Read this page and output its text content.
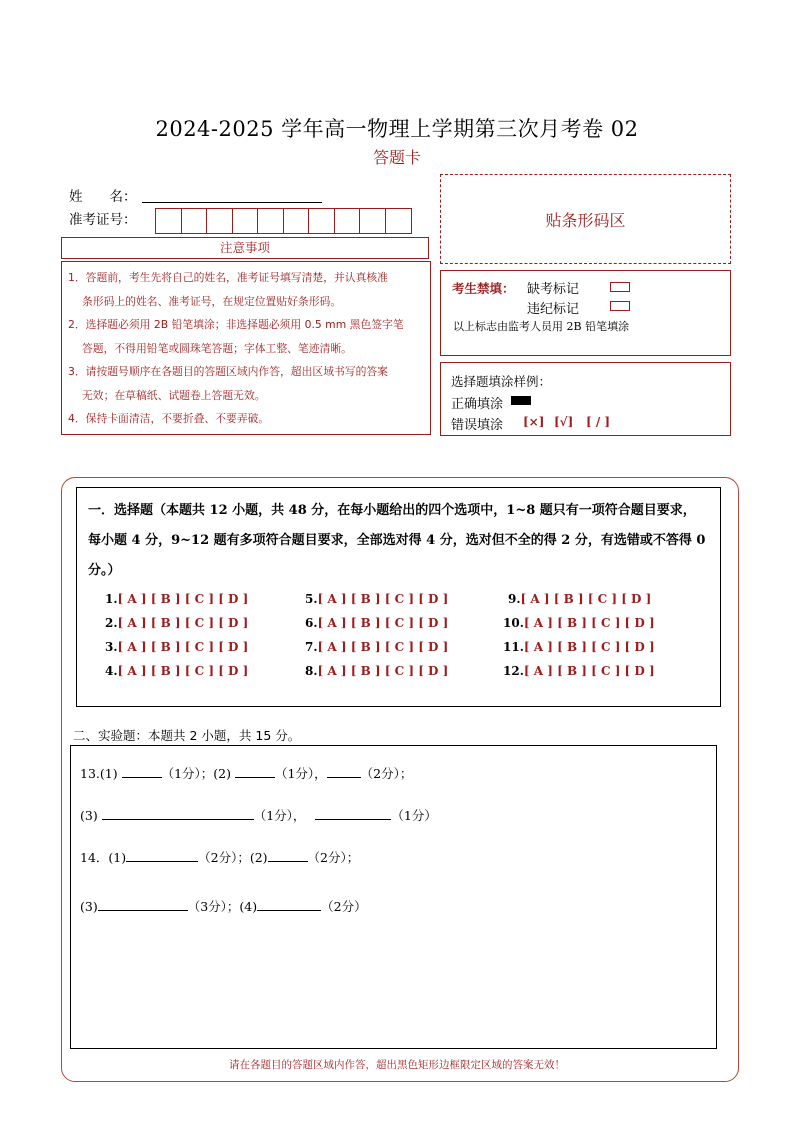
2024-2025 学年高一物理上学期第三次月考卷 02
答题卡
姓　　名：
准考证号：
注意事项
1．答题前，考生先将自己的姓名，准考证号填写清楚，并认真核准
条形码上的姓名、准考证号，在规定位置贴好条形码。
2．选择题必须用 2B 铅笔填涂；非选择题必须用 0.5 mm 黑色签字笔
答题，不得用铅笔或圆珠笔答题；字体工整、笔迹清晰。
3．请按题号顺序在各题目的答题区域内作答，超出区域书写的答案
无效；在草稿纸、试题卷上答题无效。
4．保持卡面清洁，不要折叠、不要弄破。
贴条形码区
考生禁填： 缺考标记
违纪标记
以上标志由监考人员用 2B 铅笔填涂
选择题填涂样例：
正确填涂
错误填涂 [×] [√] [ / ]
一．选择题（本题共 12 小题，共 48 分，在每小题给出的四个选项中，1~8 题只有一项符合题目要求，
每小题 4 分，9~12 题有多项符合题目要求，全部选对得 4 分，选对但不全的得 2 分，有选错或不答得 0
分。）
1.[ A ] [ B ] [ C ] [ D ]
2.[ A ] [ B ] [ C ] [ D ]
3.[ A ] [ B ] [ C ] [ D ]
4.[ A ] [ B ] [ C ] [ D ]
5.[ A ] [ B ] [ C ] [ D ]
6.[ A ] [ B ] [ C ] [ D ]
7.[ A ] [ B ] [ C ] [ D ]
8.[ A ] [ B ] [ C ] [ D ]
9.[ A ] [ B ] [ C ] [ D ]
10.[ A ] [ B ] [ C ] [ D ]
11.[ A ] [ B ] [ C ] [ D ]
12.[ A ] [ B ] [ C ] [ D ]
二、实验题：本题共 2 小题，共 15 分。
13.(1)	（1分）；(2)	（1分），	（2分）；
(3)	（1分），	（1分）
14．(1)	（2分）；(2)	（2分）；
(3)	（3分）；(4)	（2分）
请在各题目的答题区域内作答，超出黑色矩形边框限定区域的答案无效！
